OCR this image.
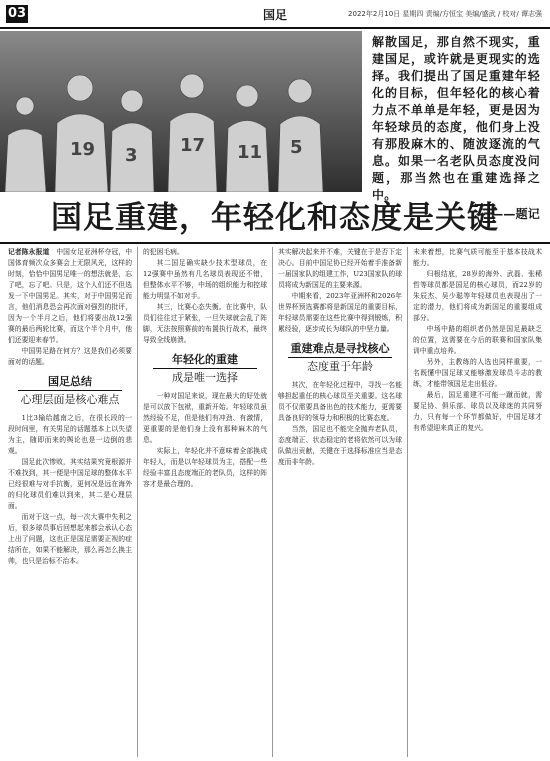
03	国足	2022年2月10日 星期四 责编/方恒宝 美编/盛武 / 校对/ 谭志强
19 3 17 11 5
解散国足，那自然不现实，重建国足，或许就是更现实的选择。我们提出了国足重建年轻化的目标，但年轻化的核心着力点不单单是年轻，更是因为年轻球员的态度，他们身上没有那股麻木的、随波逐流的气息。如果一名老队员态度没问题，那当然也在重建选择之中。
——题记
国足重建，年轻化和态度是关键

记者陈永报道　 中国女足亚洲杯夺冠，中国体育频次众多赛会上无限风光，这样的时刻，恰恰中国男足唯一的想法就是，忘了吧，忘了吧。只是，这个人们还不但选发一下中国男足。其实，对于中国男足而言，他们消息恐会再次面对强烈的批评，因为一个半月之后，他们将要出战12强赛的最后两轮比赛，而这个半个月中，他们还要迎来春节。

中国男足路在何方？这是我们必须要面对的话题。

国足总结
心理层面是核心难点

1比3输给越南之后，在很长段的一段时间里，有关男足的话题基本上以失望为主，随即而来的舆论也是一边倒的悲观。

国足此次惨败，其实结果究竟根源并不难找到，其一便是中国足球的整体水平已经很难与对手抗衡，更何况是远在海外的归化球员们难以到来，其二是心理层面。

而对于这一点，每一次大赛中失利之后，很多球员事后回想起来都会承认心态上出了问题，这也正是国足需要正视的症结所在，如果不能解决，那么再怎么换主帅，也只是治标不治本。

的犯困毛病。

其二国足确实缺少技术型球员，在12强赛中虽然有几名球员表现还不错，但整体水平不够，中场的组织能力和控球能力明显不如对手。

其三，比赛心态失衡。在比赛中，队员们往往过于紧张，一旦失球就会乱了阵脚，无法按照赛前的布置执行战术，最终导致全线崩溃。

年轻化的重建
成是唯一选择

一种对国足来说，现在最大的好处就是可以放下包袱，重新开始。年轻球员虽然经验不足，但是他们有冲劲、有激情，更重要的是他们身上没有那种麻木的气息。

实际上，年轻化并不意味着全部换成年轻人，而是以年轻球员为主，搭配一些经验丰富且态度端正的老队员，这样的阵容才是最合理的。

其实解决起来并不难，关键在于是否下定决心。目前中国足协已经开始着手准备新一届国家队的组建工作，U23国家队的球员将成为新国足的主要来源。

中期来看，2023年亚洲杯和2026年世界杯预选赛都将是新国足的重要目标，年轻球员需要在这些比赛中得到锻炼，积累经验，逐步成长为球队的中坚力量。

重建难点是寻找核心
态度重于年龄

其次，在年轻化过程中，寻找一名能够担起重任的核心球员至关重要。这名球员不仅需要具备出色的技术能力，更需要具备良好的领导力和积极的比赛态度。

当然，国足也不能完全抛弃老队员，态度端正、状态稳定的老将依然可以为球队做出贡献，关键在于选择标准应当是态度而非年龄。

未来着想，比赛气质可能至于基本技战术能力。

归根结底，28岁的海外、武磊、张稀哲等球员都是国足的核心球员，而22岁的朱辰杰、吴少聪等年轻球员也表现出了一定的潜力，他们将成为新国足的重要组成部分。

中场中路的组织者仍然是国足最缺乏的位置，这需要在今后的联赛和国家队集训中重点培养。

另外，主教练的人选也同样重要，一名既懂中国足球又能够激发球员斗志的教练，才能带领国足走出低谷。

最后，国足重建不可能一蹴而就，需要足协、俱乐部、球员以及球迷的共同努力，只有每一个环节都做好，中国足球才有希望迎来真正的复兴。
